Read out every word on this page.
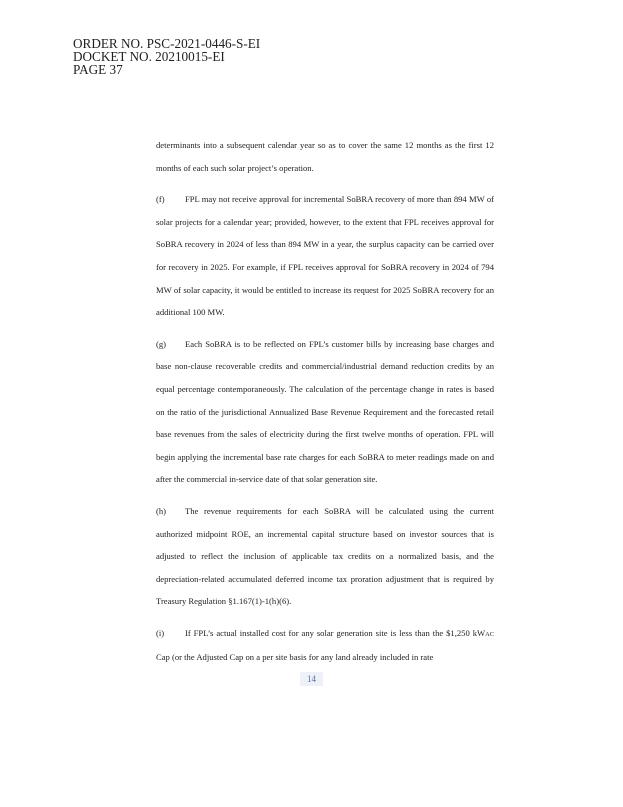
ORDER NO. PSC-2021-0446-S-EI
DOCKET NO. 20210015-EI
PAGE 37

determinants into a subsequent calendar year so as to cover the same 12 months as the first 12 months of each such solar project’s operation.

(f) FPL may not receive approval for incremental SoBRA recovery of more than 894 MW of solar projects for a calendar year; provided, however, to the extent that FPL receives approval for SoBRA recovery in 2024 of less than 894 MW in a year, the surplus capacity can be carried over for recovery in 2025. For example, if FPL receives approval for SoBRA recovery in 2024 of 794 MW of solar capacity, it would be entitled to increase its request for 2025 SoBRA recovery for an additional 100 MW.

(g) Each SoBRA is to be reflected on FPL’s customer bills by increasing base charges and base non-clause recoverable credits and commercial/industrial demand reduction credits by an equal percentage contemporaneously. The calculation of the percentage change in rates is based on the ratio of the jurisdictional Annualized Base Revenue Requirement and the forecasted retail base revenues from the sales of electricity during the first twelve months of operation. FPL will begin applying the incremental base rate charges for each SoBRA to meter readings made on and after the commercial in-service date of that solar generation site.

(h) The revenue requirements for each SoBRA will be calculated using the current authorized midpoint ROE, an incremental capital structure based on investor sources that is adjusted to reflect the inclusion of applicable tax credits on a normalized basis, and the depreciation-related accumulated deferred income tax proration adjustment that is required by Treasury Regulation §1.167(1)-1(h)(6).

(i) If FPL’s actual installed cost for any solar generation site is less than the $1,250 kWAC Cap (or the Adjusted Cap on a per site basis for any land already included in rate

14
